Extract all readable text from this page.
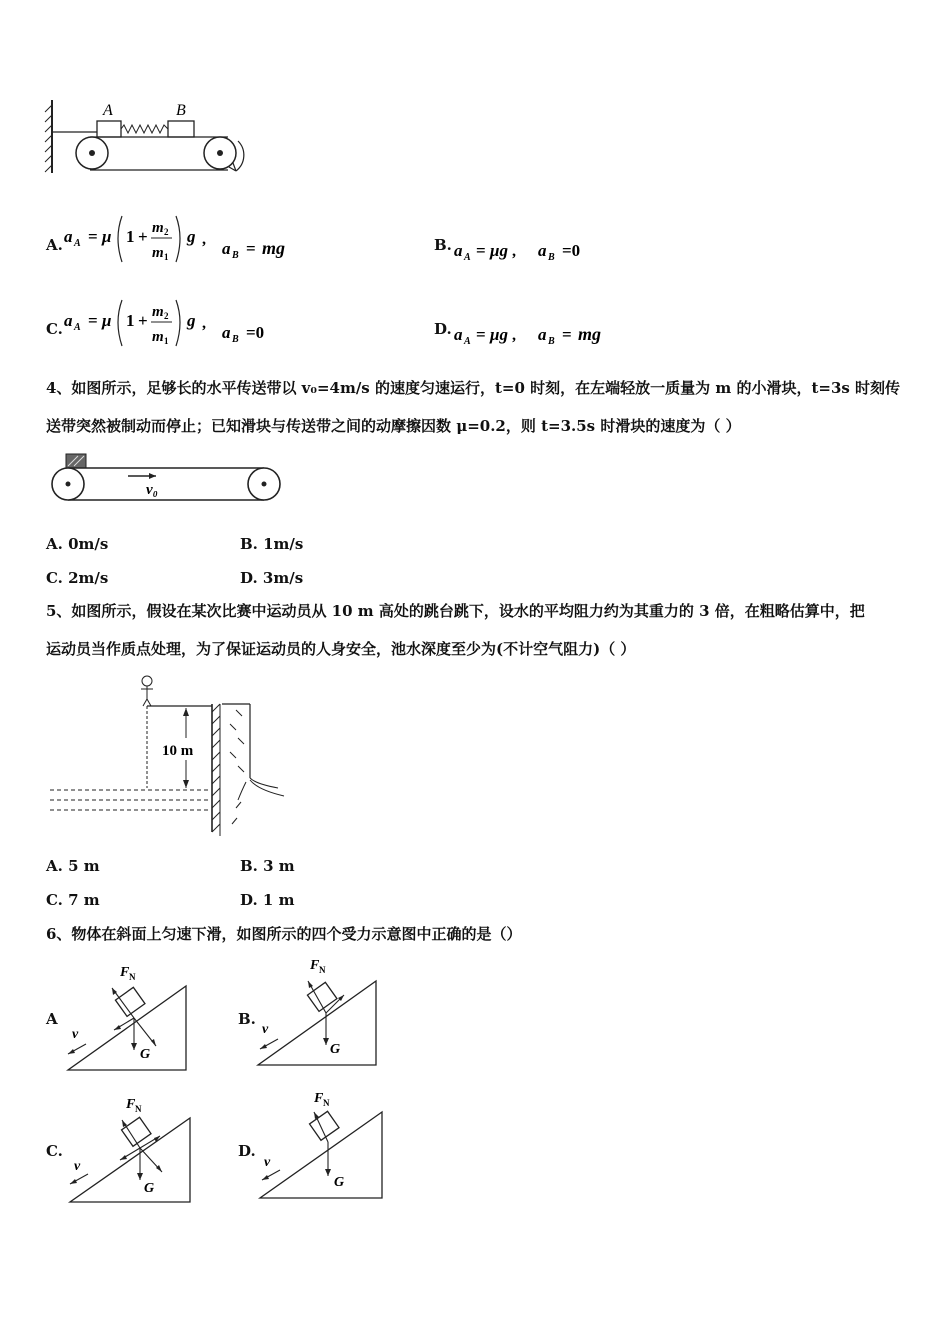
A	B
A. a A = μ 1 + m 2
m 1
g , a B = mg	B. a A = μg , a B =0
C. a A = μ 1 + m 2
m 1
g , a B =0	D. a A = μg , a B = mg
4、如图所示，足够长的水平传送带以 v₀=4m/s 的速度匀速运行，t=0 时刻，在左端轻放一质量为 m 的小滑块，t=3s 时刻传
送带突然被制动而停止；已知滑块与传送带之间的动摩擦因数 μ=0.2，则 t=3.5s 时滑块的速度为（ ）
v₀
A. 0m/s	B. 1m/s
C. 2m/s	D. 3m/s
5、如图所示，假设在某次比赛中运动员从 10 m 高处的跳台跳下，设水的平均阻力约为其重力的 3 倍，在粗略估算中，把
运动员当作质点处理，为了保证运动员的人身安全，池水深度至少为(不计空气阻力)（ ）
10 m
A. 5 m	B. 3 m
C. 7 m	D. 1 m
6、物体在斜面上匀速下滑，如图所示的四个受力示意图中正确的是（）
A
F N
G
v
B.
F N
G
v
C.
F N
G
v
D.
F N
G
v
